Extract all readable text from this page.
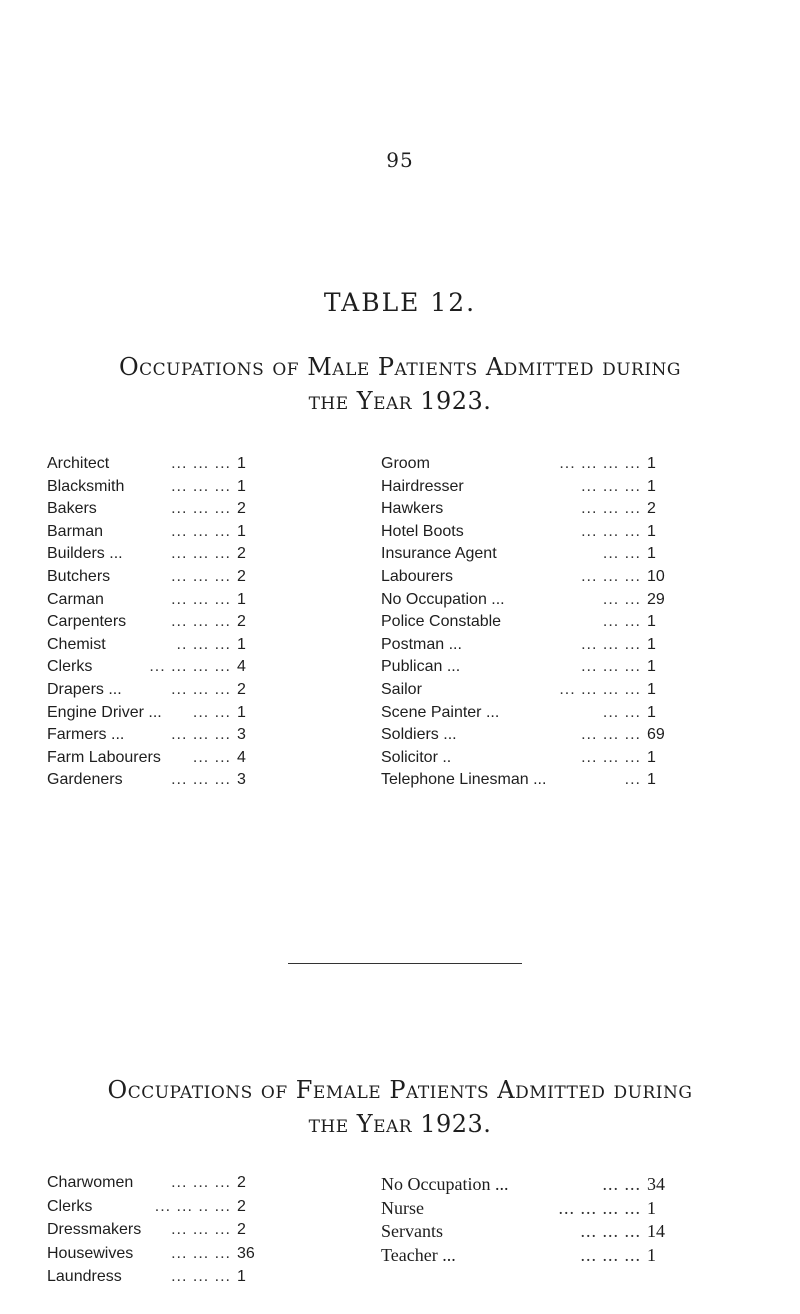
95
TABLE 12.
Occupations of Male Patients Admitted during
the Year 1923.
Architect	... ... ... 1
Blacksmith	... ... ... 1
Bakers	... ... ... 2
Barman	... ... ... 1
Builders ...	... ... ... 2
Butchers	... ... ... 2
Carman	... ... ... 1
Carpenters	... ... ... 2
Chemist	.. ... ... 1
Clerks	... ... ... ... 4
Drapers ...	... ... ... 2
Engine Driver ... ... ... 1
Farmers ...	... ... ... 3
Farm Labourers ... ... 4
Gardeners	... ... ... 3
Groom	... ... ... ... 1
Hairdresser	... ... ... 1
Hawkers	... ... ... 2
Hotel Boots	... ... ... 1
Insurance Agent	... ... 1
Labourers	... ... ... 10
No Occupation ...	... ... 29
Police Constable	... ... 1
Postman ...	... ... ... 1
Publican ...	... ... ... 1
Sailor	... ... ... ... 1
Scene Painter ...	... ... 1
Soldiers ...	... ... ... 69
Solicitor ..	... ... ... 1
Telephone Linesman ...	... 1
Occupations of Female Patients Admitted during
the Year 1923.
Charwomen ... ... ... 2
Clerks	... ... .. ... 2
Dressmakers ... ... ... 2
Housewives ... ... ... 36
Laundress	... ... ... 1
No Occupation ...	... ... 34
Nurse	... ... ... ... 1
Servants	... ... ... 14
Teacher ...	... ... ... 1
